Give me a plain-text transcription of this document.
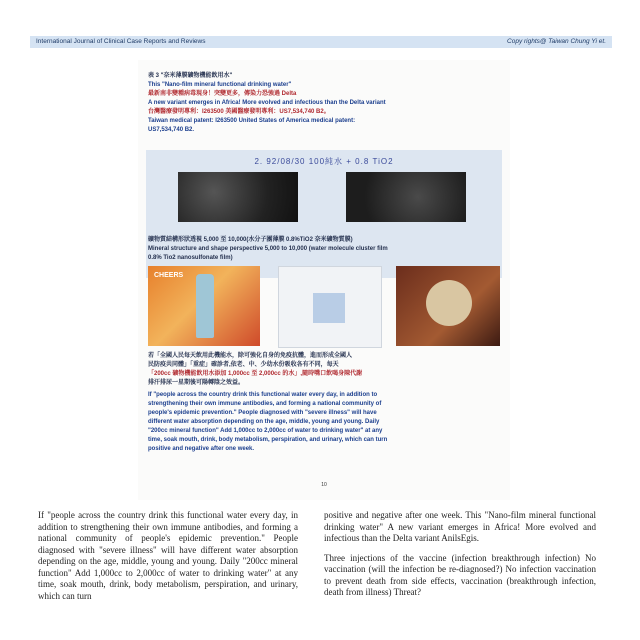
International Journal of Clinical Case Reports and Reviews	Copy rights@ Taiwan Chung Yi et.
表 3 "奈米薄膜礦物機能飲用水"
This "Nano-film mineral functional drinking water"
最新南非變種病毒現身！突變更多，傳染力恐強過 Delta
A new variant emerges in Africa! More evolved and infectious than the Delta variant
台灣醫療發明專利：I263500 美國醫療發明專利：US7,534,740 B2。
Taiwan medical patent: I263500 United States of America medical patent:
US7,534,740 B2.
2. 92/08/30 100純水 + 0.8 TiO2
礦物質結構形狀透視 5,000 至 10,000(水分子團薄膜 0.8%TiO2 奈米礦物質膜)
Mineral structure and shape perspective 5,000 to 10,000 (water molecule cluster film
0.8% Tio2 nanosulfonate film)
CHEERS
若「全國人民每天飲用此機能水，除可強化自身的免疫抗體，進而形成全國人
民防疫共同體」「重症」確診者,依老、中、少幼水份吸收各有不同，每天
「200cc 礦物機能飲用水添加 1,000cc 至 2,000cc 的水」,隨時嘴口飲喝身陳代謝
排汗排尿一星期後可陽轉陰之效益。
If "people across the country drink this functional water every day, in addition to
strengthening their own immune antibodies, and forming a national community of
people's epidemic prevention." People diagnosed with "severe illness" will have
different water absorption depending on the age, middle, young and young. Daily
"200cc mineral function" Add 1,000cc to 2,000cc of water to drinking water" at any
time, soak mouth, drink, body metabolism, perspiration, and urinary, which can turn
positive and negative after one week.
10

If "people across the country drink this functional water every day, in addition to strengthening their own immune antibodies, and forming a national community of people's epidemic prevention." People diagnosed with "severe illness" will have different water absorption depending on the age, middle, young and young. Daily "200cc mineral function" Add 1,000cc to 2,000cc of water to drinking water" at any time, soak mouth, drink, body metabolism, perspiration, and urinary, which can turn

positive and negative after one week. This "Nano-film mineral functional drinking water" A new variant emerges in Africa! More evolved and infectious than the Delta variant AnilsEgis.

Three injections of the vaccine (infection breakthrough infection) No vaccination (will the infection be re-diagnosed?) No infection vaccination to prevent death from side effects, vaccination (breakthrough infection, death from illness) Threat?
